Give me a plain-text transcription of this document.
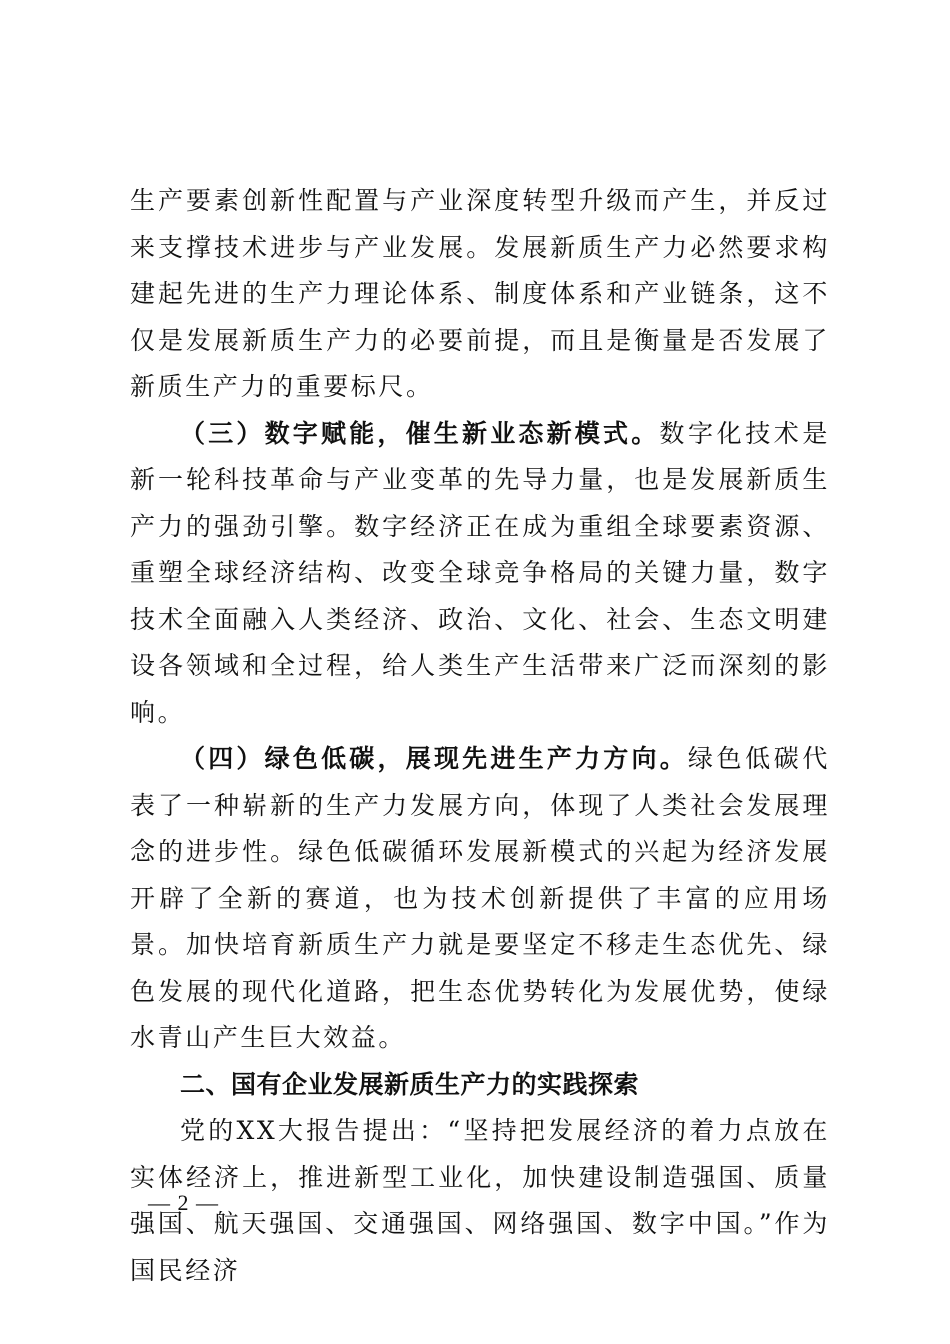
生产要素创新性配置与产业深度转型升级而产生，并反过来支撑技术进步与产业发展。发展新质生产力必然要求构建起先进的生产力理论体系、制度体系和产业链条，这不仅是发展新质生产力的必要前提，而且是衡量是否发展了新质生产力的重要标尺。

（三）数字赋能，催生新业态新模式。数字化技术是新一轮科技革命与产业变革的先导力量，也是发展新质生产力的强劲引擎。数字经济正在成为重组全球要素资源、重塑全球经济结构、改变全球竞争格局的关键力量，数字技术全面融入人类经济、政治、文化、社会、生态文明建设各领域和全过程，给人类生产生活带来广泛而深刻的影响。

（四）绿色低碳，展现先进生产力方向。绿色低碳代表了一种崭新的生产力发展方向，体现了人类社会发展理念的进步性。绿色低碳循环发展新模式的兴起为经济发展开辟了全新的赛道，也为技术创新提供了丰富的应用场景。加快培育新质生产力就是要坚定不移走生态优先、绿色发展的现代化道路，把生态优势转化为发展优势，使绿水青山产生巨大效益。

二、国有企业发展新质生产力的实践探索

党的XX大报告提出：“坚持把发展经济的着力点放在实体经济上，推进新型工业化，加快建设制造强国、质量强国、航天强国、交通强国、网络强国、数字中国。”作为国民经济

— 2 —
